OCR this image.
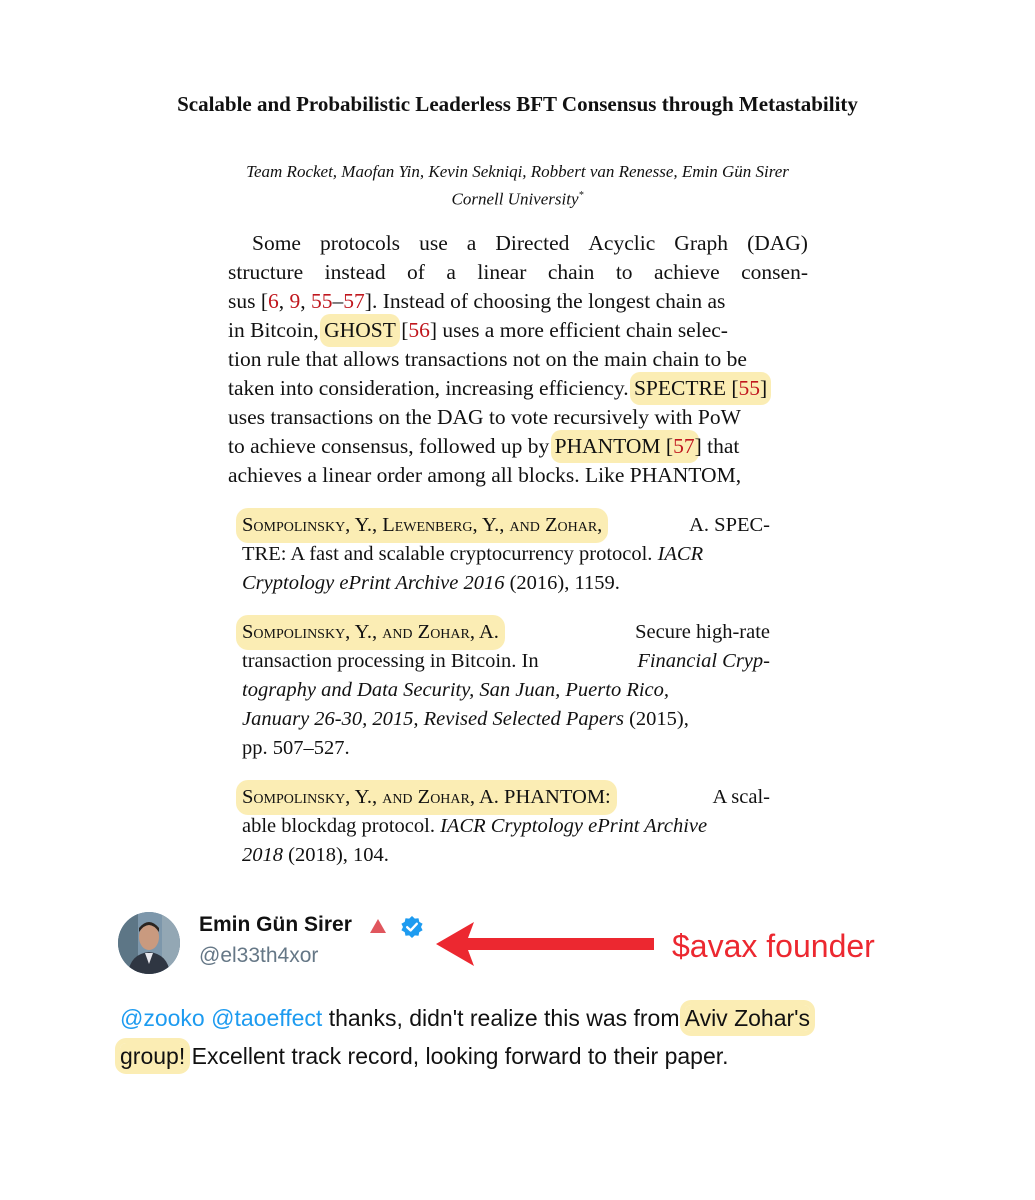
Scalable and Probabilistic Leaderless BFT Consensus through Metastability
Team Rocket, Maofan Yin, Kevin Sekniqi, Robbert van Renesse, Emin Gün Sirer
Cornell University*
Some protocols use a Directed Acyclic Graph (DAG)
structure instead of a linear chain to achieve consen-
sus [ 6 , 9 , 55 – 57 ]. Instead of choosing the longest chain as
in Bitcoin,
GHOST
[ 56 ] uses a more efficient chain selec-
tion rule that allows transactions not on the main chain to be
taken into consideration, increasing efficiency.
SPECTRE [55]
uses transactions on the DAG to vote recursively with PoW
to achieve consensus, followed up by
PHANTOM [57 ] that
achieves a linear order among all blocks. Like PHANTOM,
Sompolinsky, Y., Lewenberg, Y., and Zohar,	A. SPEC-
TRE: A fast and scalable cryptocurrency protocol.
IACR
Cryptology ePrint Archive 2016
(2016), 1159.
Sompolinsky, Y., and Zohar, A.	Secure high-rate
transaction processing in Bitcoin. In	Financial Cryp-
tography and Data Security, San Juan, Puerto Rico,
January 26-30, 2015, Revised Selected Papers
(2015),
pp. 507–527.
Sompolinsky, Y., and Zohar, A. PHANTOM:	A scal-
able blockdag protocol.
IACR Cryptology ePrint Archive
2018
(2018), 104.
Emin Gün Sirer
@el33th4xor	$avax founder
@zooko @taoeffect thanks, didn't realize this was from Aviv Zohar's
group! Excellent track record, looking forward to their paper.
